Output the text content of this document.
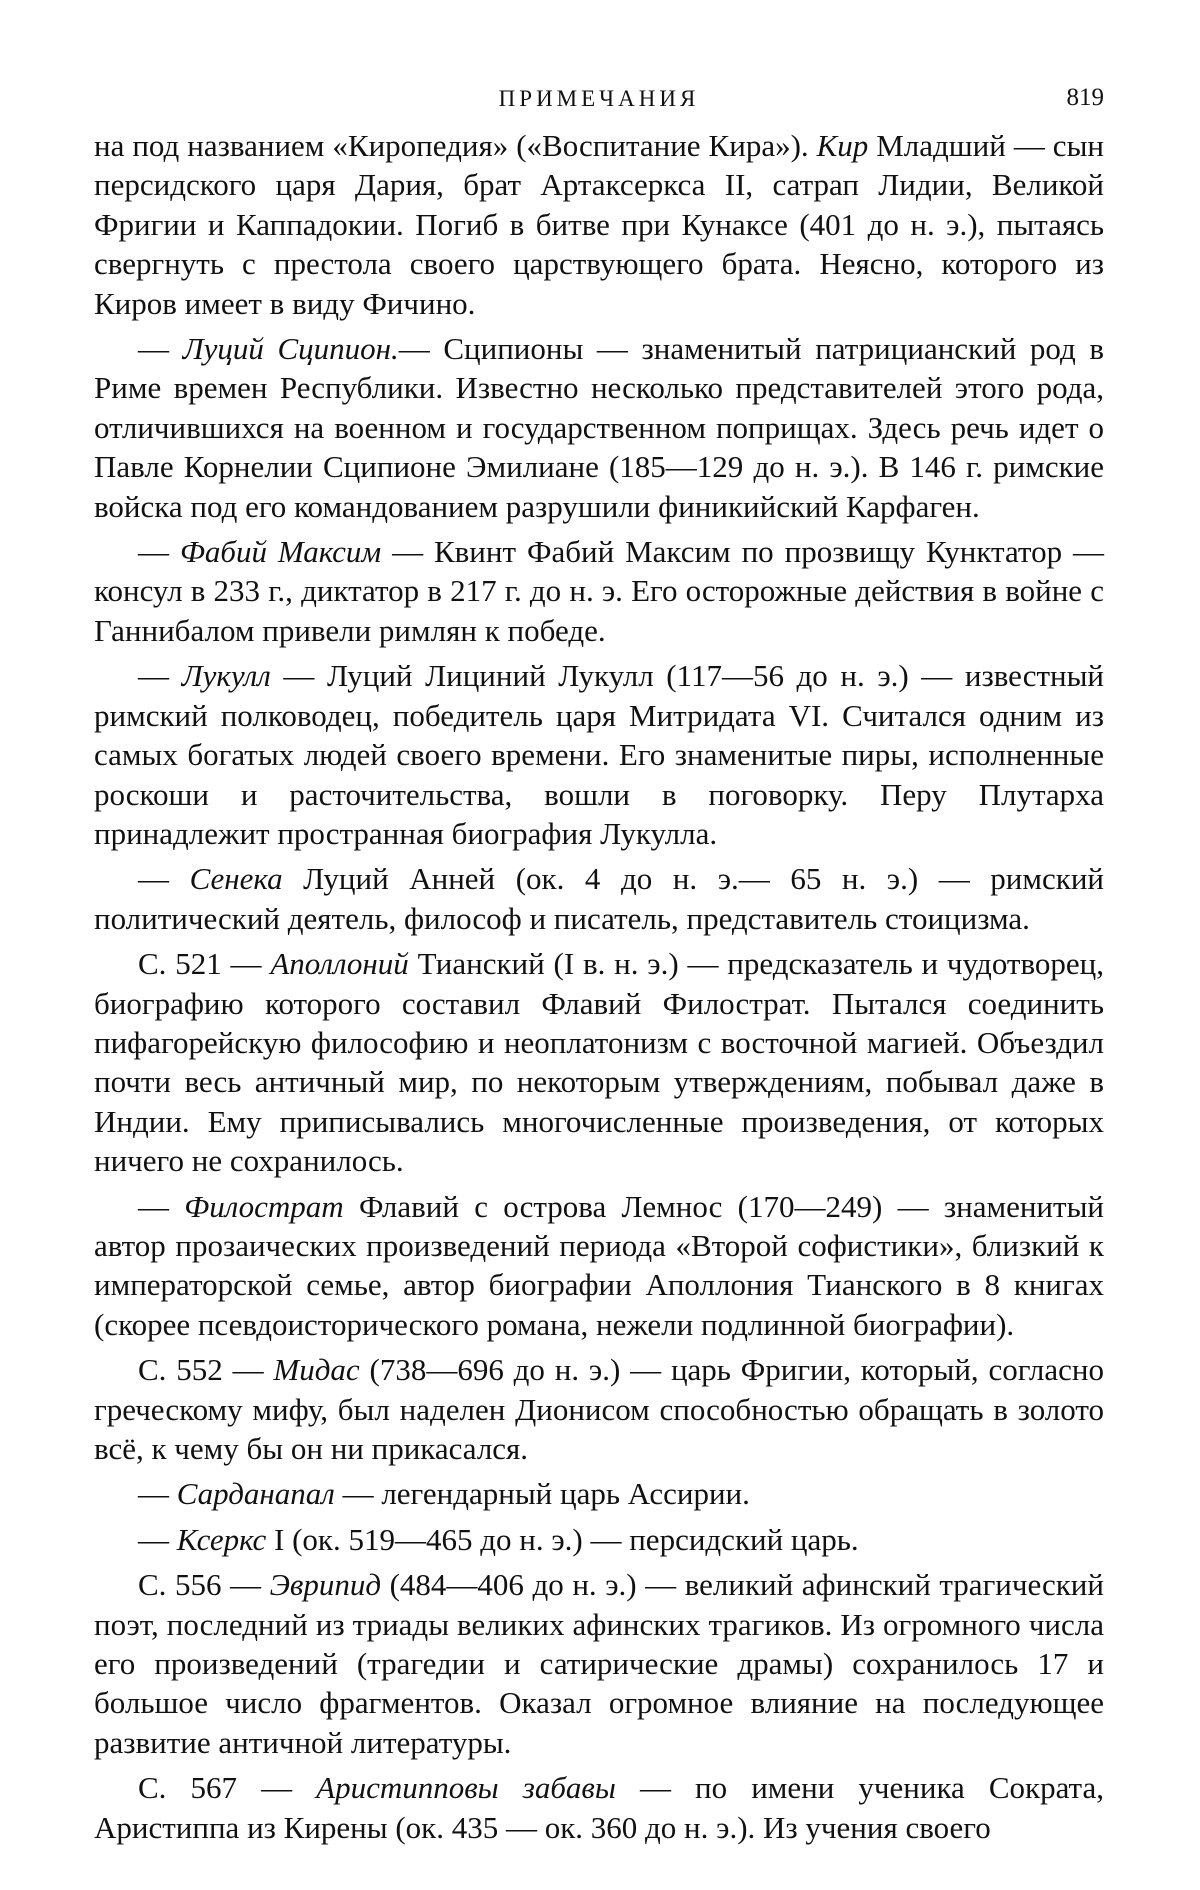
ПРИМЕЧАНИЯ	819

на под названием «Киропедия» («Воспитание Кира»). Кир Младший — сын персидского царя Дария, брат Артаксеркса II, сатрап Лидии, Великой Фригии и Каппадокии. Погиб в битве при Кунаксе (401 до н. э.), пытаясь свергнуть с престола своего царствующего брата. Неясно, которого из Киров имеет в виду Фичино.

— Луций Сципион.— Сципионы — знаменитый патрицианский род в Риме времен Республики. Известно несколько представителей этого рода, отличившихся на военном и государственном поприщах. Здесь речь идет о Павле Корнелии Сципионе Эмилиане (185—129 до н. э.). В 146 г. римские войска под его командованием разрушили финикийский Карфаген.

— Фабий Максим — Квинт Фабий Максим по прозвищу Кунктатор — консул в 233 г., диктатор в 217 г. до н. э. Его осторожные действия в войне с Ганнибалом привели римлян к победе.

— Лукулл — Луций Лициний Лукулл (117—56 до н. э.) — известный римский полководец, победитель царя Митридата VI. Считался одним из самых богатых людей своего времени. Его знаменитые пиры, исполненные роскоши и расточительства, вошли в поговорку. Перу Плутарха принадлежит пространная биография Лукулла.

— Сенека Луций Анней (ок. 4 до н. э.— 65 н. э.) — римский политический деятель, философ и писатель, представитель стоицизма.

С. 521 — Аполлоний Тианский (I в. н. э.) — предсказатель и чудотворец, биографию которого составил Флавий Филострат. Пытался соединить пифагорейскую философию и неоплатонизм с восточной магией. Объездил почти весь античный мир, по некоторым утверждениям, побывал даже в Индии. Ему приписывались многочисленные произведения, от которых ничего не сохранилось.

— Филострат Флавий с острова Лемнос (170—249) — знаменитый автор прозаических произведений периода «Второй софистики», близкий к императорской семье, автор биографии Аполлония Тианского в 8 книгах (скорее псевдоисторического романа, нежели подлинной биографии).

С. 552 — Мидас (738—696 до н. э.) — царь Фригии, который, согласно греческому мифу, был наделен Дионисом способностью обращать в золото всё, к чему бы он ни прикасался.

— Сарданапал — легендарный царь Ассирии.

— Ксеркс I (ок. 519—465 до н. э.) — персидский царь.

С. 556 — Эврипид (484—406 до н. э.) — великий афинский трагический поэт, последний из триады великих афинских трагиков. Из огромного числа его произведений (трагедии и сатирические драмы) сохранилось 17 и большое число фрагментов. Оказал огромное влияние на последующее развитие античной литературы.

С. 567 — Аристипповы забавы — по имени ученика Сократа, Аристиппа из Кирены (ок. 435 — ок. 360 до н. э.). Из учения своего
